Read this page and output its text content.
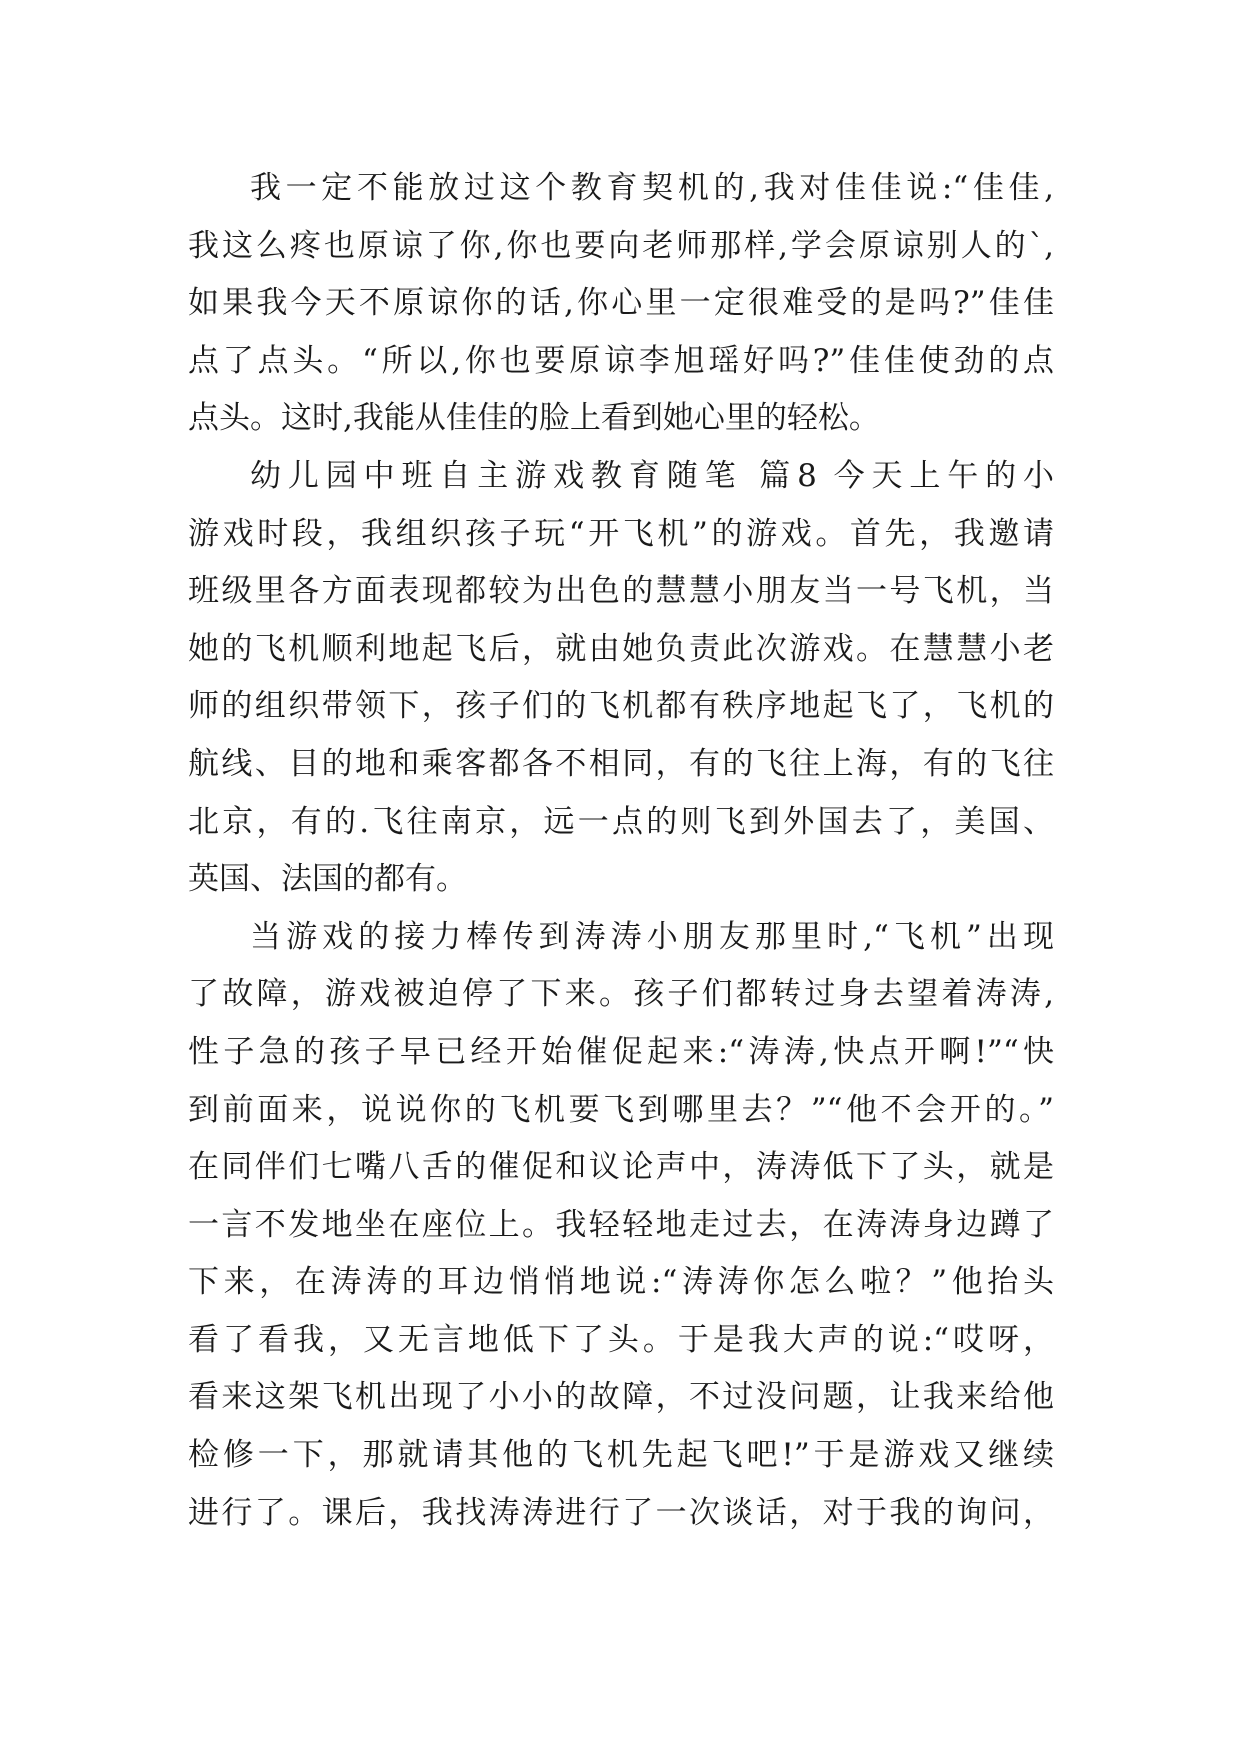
我一定不能放过这个教育契机的,我对佳佳说:“佳佳,
我这么疼也原谅了你,你也要向老师那样,学会原谅别人的`,
如果我今天不原谅你的话,你心里一定很难受的是吗?”佳佳
点了点头。“所以,你也要原谅李旭瑶好吗?”佳佳使劲的点
点头。这时,我能从佳佳的脸上看到她心里的轻松。
幼儿园中班自主游戏教育随笔 篇8 今天上午的小
游戏时段，我组织孩子玩“开飞机”的游戏。首先，我邀请
班级里各方面表现都较为出色的慧慧小朋友当一号飞机，当
她的飞机顺利地起飞后，就由她负责此次游戏。在慧慧小老
师的组织带领下，孩子们的飞机都有秩序地起飞了，飞机的
航线、目的地和乘客都各不相同，有的飞往上海，有的飞往
北京，有的.飞往南京，远一点的则飞到外国去了，美国、
英国、法国的都有。
当游戏的接力棒传到涛涛小朋友那里时,“飞机”出现
了故障，游戏被迫停了下来。孩子们都转过身去望着涛涛,
性子急的孩子早已经开始催促起来:“涛涛,快点开啊!”“快
到前面来，说说你的飞机要飞到哪里去？”“他不会开的。”
在同伴们七嘴八舌的催促和议论声中，涛涛低下了头，就是
一言不发地坐在座位上。我轻轻地走过去，在涛涛身边蹲了
下来，在涛涛的耳边悄悄地说:“涛涛你怎么啦？”他抬头
看了看我，又无言地低下了头。于是我大声的说:“哎呀，
看来这架飞机出现了小小的故障，不过没问题，让我来给他
检修一下，那就请其他的飞机先起飞吧!”于是游戏又继续
进行了。课后，我找涛涛进行了一次谈话，对于我的询问，
